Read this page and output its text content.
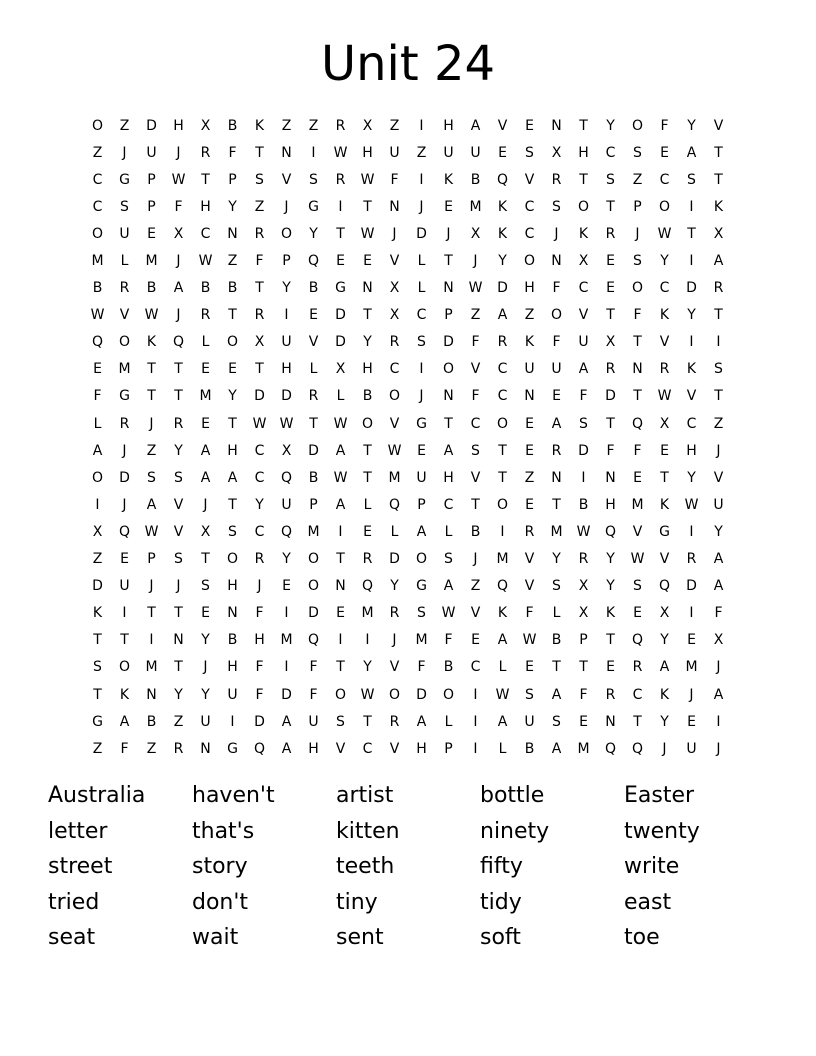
Unit 24
O	Z	D	H	X	B	K	Z	Z	R	X	Z	I	H	A	V	E	N	T	Y	O	F	Y	V
Z	J	U	J	R	F	T	N	I	W	H	U	Z	U	U	E	S	X	H	C	S	E	A	T
C	G	P	W	T	P	S	V	S	R	W	F	I	K	B	Q	V	R	T	S	Z	C	S	T
C	S	P	F	H	Y	Z	J	G	I	T	N	J	E	M	K	C	S	O	T	P	O	I	K
O	U	E	X	C	N	R	O	Y	T	W	J	D	J	X	K	C	J	K	R	J	W	T	X
M	L	M	J	W	Z	F	P	Q	E	E	V	L	T	J	Y	O	N	X	E	S	Y	I	A
B	R	B	A	B	B	T	Y	B	G	N	X	L	N	W	D	H	F	C	E	O	C	D	R
W	V	W	J	R	T	R	I	E	D	T	X	C	P	Z	A	Z	O	V	T	F	K	Y	T
Q	O	K	Q	L	O	X	U	V	D	Y	R	S	D	F	R	K	F	U	X	T	V	I	I
E	M	T	T	E	E	T	H	L	X	H	C	I	O	V	C	U	U	A	R	N	R	K	S
F	G	T	T	M	Y	D	D	R	L	B	O	J	N	F	C	N	E	F	D	T	W	V	T
L	R	J	R	E	T	W W	T	W	O	V	G	T	C	O	E	A	S	T	Q	X	C	Z
A	J	Z	Y	A	H	C	X	D	A	T	W	E	A	S	T	E	R	D	F	F	E	H	J
O	D	S	S	A	A	C	Q	B	W	T	M	U	H	V	T	Z	N	I	N	E	T	Y	V
I	J	A	V	J	T	Y	U	P	A	L	Q	P	C	T	O	E	T	B	H	M	K	W	U
X	Q	W	V	X	S	C	Q	M	I	E	L	A	L	B	I	R	M	W	Q	V	G	I	Y
Z	E	P	S	T	O	R	Y	O	T	R	D	O	S	J	M	V	Y	R	Y	W	V	R	A
D	U	J	J	S	H	J	E	O	N	Q	Y	G	A	Z	Q	V	S	X	Y	S	Q	D	A
K	I	T	T	E	N	F	I	D	E	M	R	S	W	V	K	F	L	X	K	E	X	I	F
T	T	I	N	Y	B	H	M	Q	I	I	J	M	F	E	A	W	B	P	T	Q	Y	E	X
S	O	M	T	J	H	F	I	F	T	Y	V	F	B	C	L	E	T	T	E	R	A	M	J
T	K	N	Y	Y	U	F	D	F	O	W	O	D	O	I	W	S	A	F	R	C	K	J	A
G	A	B	Z	U	I	D	A	U	S	T	R	A	L	I	A	U	S	E	N	T	Y	E	I
Z	F	Z	R	N	G	Q	A	H	V	C	V	H	P	I	L	B	A	M	Q	Q	J	U	J
Australia	haven't	artist	bottle	Easter
letter	that's	kitten	ninety	twenty
street	story	teeth	fifty	write
tried	don't	tiny	tidy	east
seat	wait	sent	soft	toe
